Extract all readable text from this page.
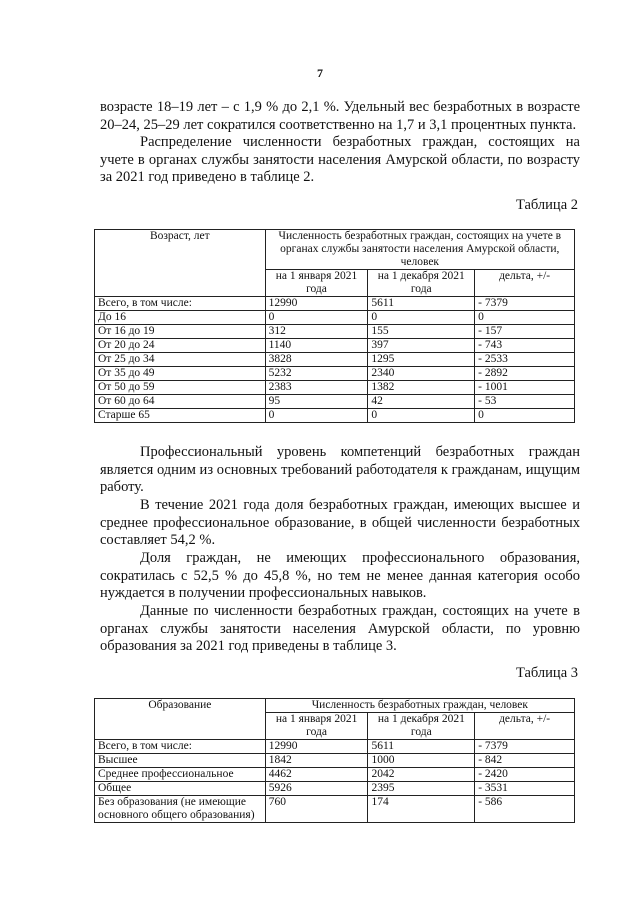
7

возрасте 18–19 лет – с 1,9 % до 2,1 %. Удельный вес безработных в возрасте 20–24, 25–29 лет сократился соответственно на 1,7 и 3,1 процентных пункта.

Распределение численности безработных граждан, состоящих на учете в органах службы занятости населения Амурской области, по возрасту за 2021 год приведено в таблице 2.

Таблица 2
Возраст, лет	Численность безработных граждан, состоящих на учете в органах службы занятости населения Амурской области, человек		
	на 1 января 2021 года	на 1 декабря 2021 года	дельта, +/-
Всего, в том числе:	12990	5611	- 7379
До 16	0	0	0
От 16 до 19	312	155	- 157
От 20 до 24	1140	397	- 743
От 25 до 34	3828	1295	- 2533
От 35 до 49	5232	2340	- 2892
От 50 до 59	2383	1382	- 1001
От 60 до 64	95	42	- 53
Старше 65	0	0	0

Профессиональный уровень компетенций безработных граждан является одним из основных требований работодателя к гражданам, ищущим работу.

В течение 2021 года доля безработных граждан, имеющих высшее и среднее профессиональное образование, в общей численности безработных составляет 54,2 %.

Доля граждан, не имеющих профессионального образования, сократилась с 52,5 % до 45,8 %, но тем не менее данная категория особо нуждается в получении профессиональных навыков.

Данные по численности безработных граждан, состоящих на учете в органах службы занятости населения Амурской области, по уровню образования за 2021 год приведены в таблице 3.

Таблица 3
Образование	Численность безработных граждан, человек		
	на 1 января 2021 года	на 1 декабря 2021 года	дельта, +/-
Всего, в том числе:	12990	5611	- 7379
Высшее	1842	1000	- 842
Среднее профессиональное	4462	2042	- 2420
Общее	5926	2395	- 3531
Без образования (не имеющие основного общего образования)	760	174	- 586
